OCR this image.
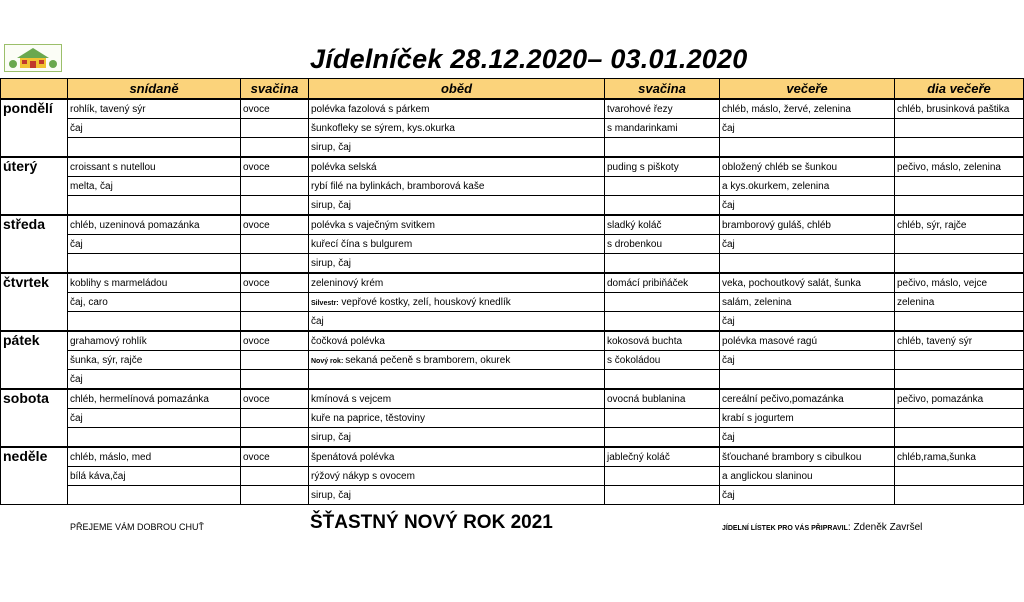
Jídelníček 28.12.2020– 03.01.2020
	snídaně	svačina	oběd	svačina	večeře	dia večeře
pondělí	rohlík, tavený sýr	ovoce	polévka fazolová s párkem	tvarohové řezy	chléb, máslo, žervé, zelenina	chléb, brusinková paštika
	čaj		šunkofleky se sýrem, kys.okurka	s mandarinkami	čaj	
			sirup, čaj			
úterý	croissant s nutellou	ovoce	polévka selská	puding s piškoty	obložený chléb se šunkou	pečivo, máslo, zelenina
	melta, čaj		rybí filé na bylinkách, bramborová kaše		a kys.okurkem, zelenina	
			sirup, čaj		čaj	
středa	chléb, uzeninová pomazánka	ovoce	polévka s vaječným svitkem	sladký koláč	bramborový guláš, chléb	chléb, sýr, rajče
	čaj		kuřecí čína s bulgurem	s drobenkou	čaj	
			sirup, čaj			
čtvrtek	koblihy s marmeládou	ovoce	zeleninový krém	domácí pribiňáček	veka, pochoutkový salát, šunka	pečivo, máslo, vejce
	čaj, caro		Silvestr: vepřové kostky, zelí, houskový knedlík		salám, zelenina	zelenina
			čaj		čaj	
pátek	grahamový rohlík	ovoce	čočková polévka	kokosová buchta	polévka masové ragú	chléb, tavený sýr
	šunka, sýr, rajče		Nový rok: sekaná pečeně s bramborem, okurek	s čokoládou	čaj	
	čaj					
sobota	chléb, hermelínová pomazánka	ovoce	kmínová s vejcem	ovocná bublanina	cereální pečivo,pomazánka	pečivo, pomazánka
	čaj		kuře na paprice, těstoviny		krabí s jogurtem	
			sirup, čaj		čaj	
neděle	chléb, máslo, med	ovoce	špenátová polévka	jablečný koláč	šťouchané brambory s cibulkou	chléb,rama,šunka
	bílá káva,čaj		rýžový nákyp s ovocem		a anglickou slaninou	
			sirup, čaj		čaj	
PŘEJEME VÁM DOBROU CHUŤ	ŠŤASTNÝ NOVÝ ROK 2021	JÍDELNÍ LÍSTEK PRO VÁS PŘIPRAVIL: Zdeněk Završel
